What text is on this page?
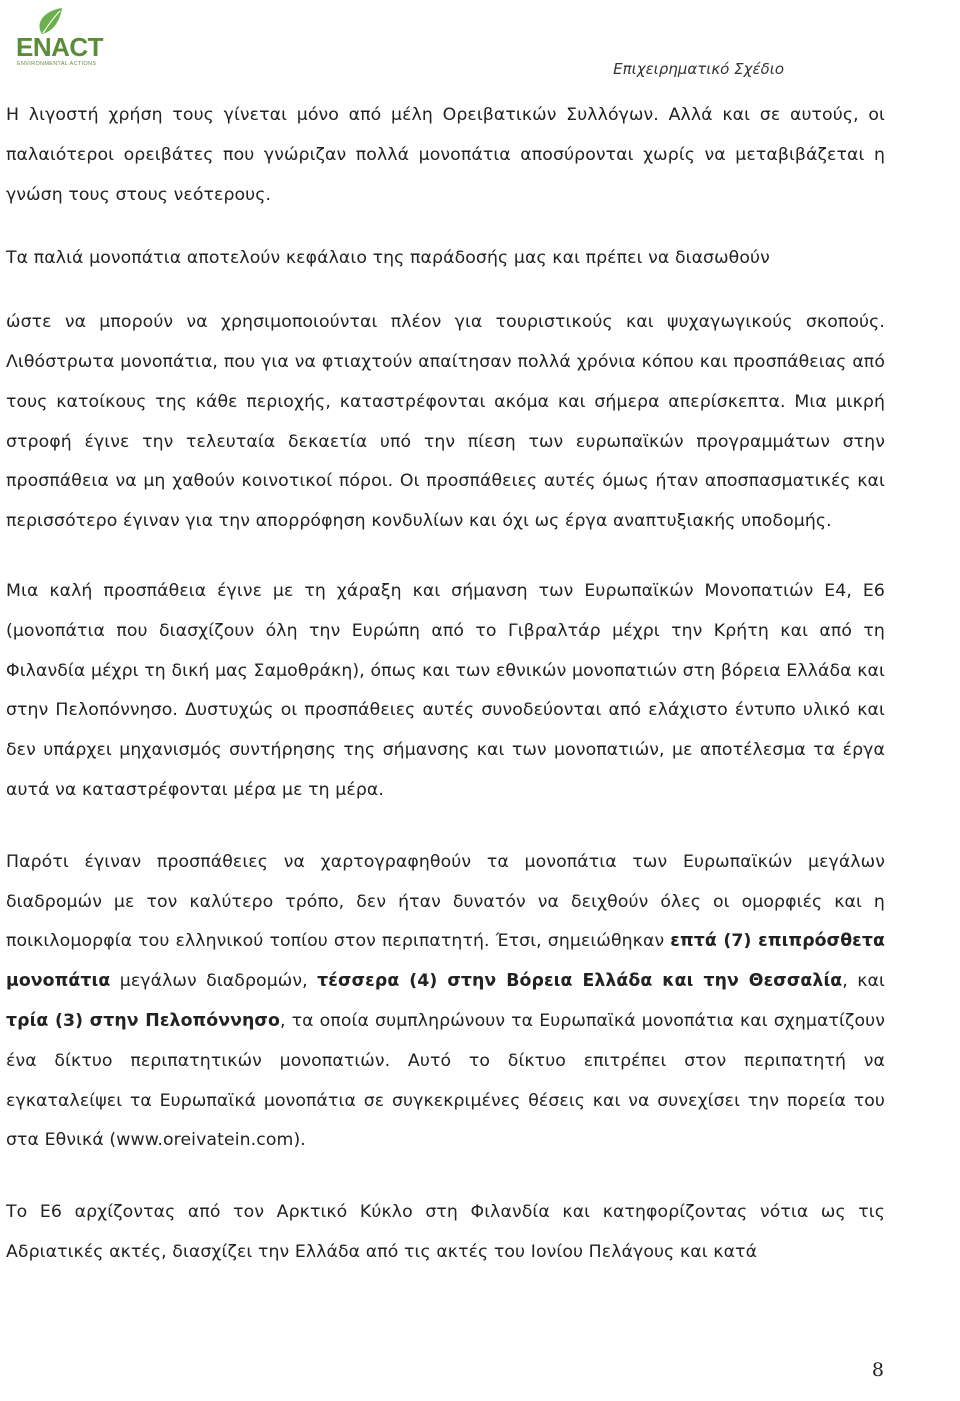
ENACT
ENVIRONMENTAL ACTIONS	Επιχειρηματικό Σχέδιο

Η λιγοστή χρήση τους γίνεται μόνο από μέλη Ορειβατικών Συλλόγων. Αλλά και σε αυτούς, οι παλαιότεροι ορειβάτες που γνώριζαν πολλά μονοπάτια αποσύρονται χωρίς να μεταβιβάζεται η γνώση τους στους νεότερους.

Τα παλιά μονοπάτια αποτελούν κεφάλαιο της παράδοσής μας και πρέπει να διασωθούν

ώστε να μπορούν να χρησιμοποιούνται πλέον για τουριστικούς και ψυχαγωγικούς σκοπούς. Λιθόστρωτα μονοπάτια, που για να φτιαχτούν απαίτησαν πολλά χρόνια κόπου και προσπάθειας από τους κατοίκους της κάθε περιοχής, καταστρέφονται ακόμα και σήμερα απερίσκεπτα. Μια μικρή στροφή έγινε την τελευταία δεκαετία υπό την πίεση των ευρωπαϊκών προγραμμάτων στην προσπάθεια να μη χαθούν κοινοτικοί πόροι. Οι προσπάθειες αυτές όμως ήταν αποσπασματικές και περισσότερο έγιναν για την απορρόφηση κονδυλίων και όχι ως έργα αναπτυξιακής υποδομής.

Μια καλή προσπάθεια έγινε με τη χάραξη και σήμανση των Ευρωπαϊκών Μονοπατιών Ε4, Ε6 (μονοπάτια που διασχίζουν όλη την Ευρώπη από το Γιβραλτάρ μέχρι την Κρήτη και από τη Φιλανδία μέχρι τη δική μας Σαμοθράκη), όπως και των εθνικών μονοπατιών στη βόρεια Ελλάδα και στην Πελοπόννησο. Δυστυχώς οι προσπάθειες αυτές συνοδεύονται από ελάχιστο έντυπο υλικό και δεν υπάρχει μηχανισμός συντήρησης της σήμανσης και των μονοπατιών, με αποτέλεσμα τα έργα αυτά να καταστρέφονται μέρα με τη μέρα.

Παρότι έγιναν προσπάθειες να χαρτογραφηθούν τα μονοπάτια των Ευρωπαϊκών μεγάλων διαδρομών με τον καλύτερο τρόπο, δεν ήταν δυνατόν να δειχθούν όλες οι ομορφιές και η ποικιλομορφία του ελληνικού τοπίου στον περιπατητή. Έτσι, σημειώθηκαν επτά (7) επιπρόσθετα μονοπάτια μεγάλων διαδρομών, τέσσερα (4) στην Βόρεια Ελλάδα και την Θεσσαλία, και τρία (3) στην Πελοπόννησο, τα οποία συμπληρώνουν τα Ευρωπαϊκά μονοπάτια και σχηματίζουν ένα δίκτυο περιπατητικών μονοπατιών. Αυτό το δίκτυο επιτρέπει στον περιπατητή να εγκαταλείψει τα Ευρωπαϊκά μονοπάτια σε συγκεκριμένες θέσεις και να συνεχίσει την πορεία του στα Εθνικά (www.oreivatein.com).

Το Ε6 αρχίζοντας από τον Αρκτικό Κύκλο στη Φιλανδία και κατηφορίζοντας νότια ως τις Αδριατικές ακτές, διασχίζει την Ελλάδα από τις ακτές του Ιονίου Πελάγους και κατά

8
